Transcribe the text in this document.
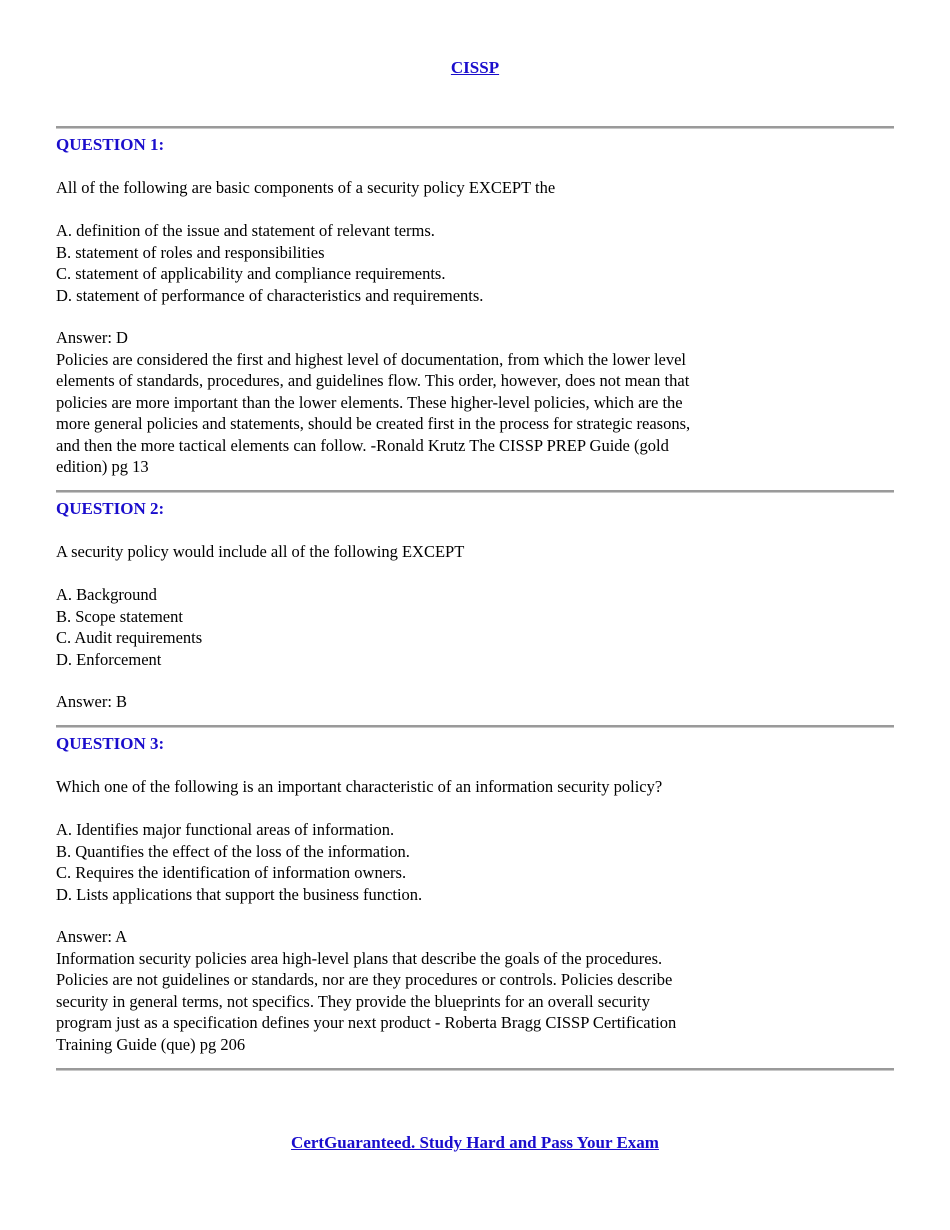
CISSP
QUESTION 1:
All of the following are basic components of a security policy EXCEPT the
A. definition of the issue and statement of relevant terms.
B. statement of roles and responsibilities
C. statement of applicability and compliance requirements.
D. statement of performance of characteristics and requirements.
Answer: D
Policies are considered the first and highest level of documentation, from which the lower level
elements of standards, procedures, and guidelines flow. This order, however, does not mean that
policies are more important than the lower elements. These higher-level policies, which are the
more general policies and statements, should be created first in the process for strategic reasons,
and then the more tactical elements can follow. -Ronald Krutz The CISSP PREP Guide (gold
edition) pg 13
QUESTION 2:
A security policy would include all of the following EXCEPT
A. Background
B. Scope statement
C. Audit requirements
D. Enforcement
Answer: B
QUESTION 3:
Which one of the following is an important characteristic of an information security policy?
A. Identifies major functional areas of information.
B. Quantifies the effect of the loss of the information.
C. Requires the identification of information owners.
D. Lists applications that support the business function.
Answer: A
Information security policies area high-level plans that describe the goals of the procedures.
Policies are not guidelines or standards, nor are they procedures or controls. Policies describe
security in general terms, not specifics. They provide the blueprints for an overall security
program just as a specification defines your next product - Roberta Bragg CISSP Certification
Training Guide (que) pg 206
CertGuaranteed. Study Hard and Pass Your Exam
